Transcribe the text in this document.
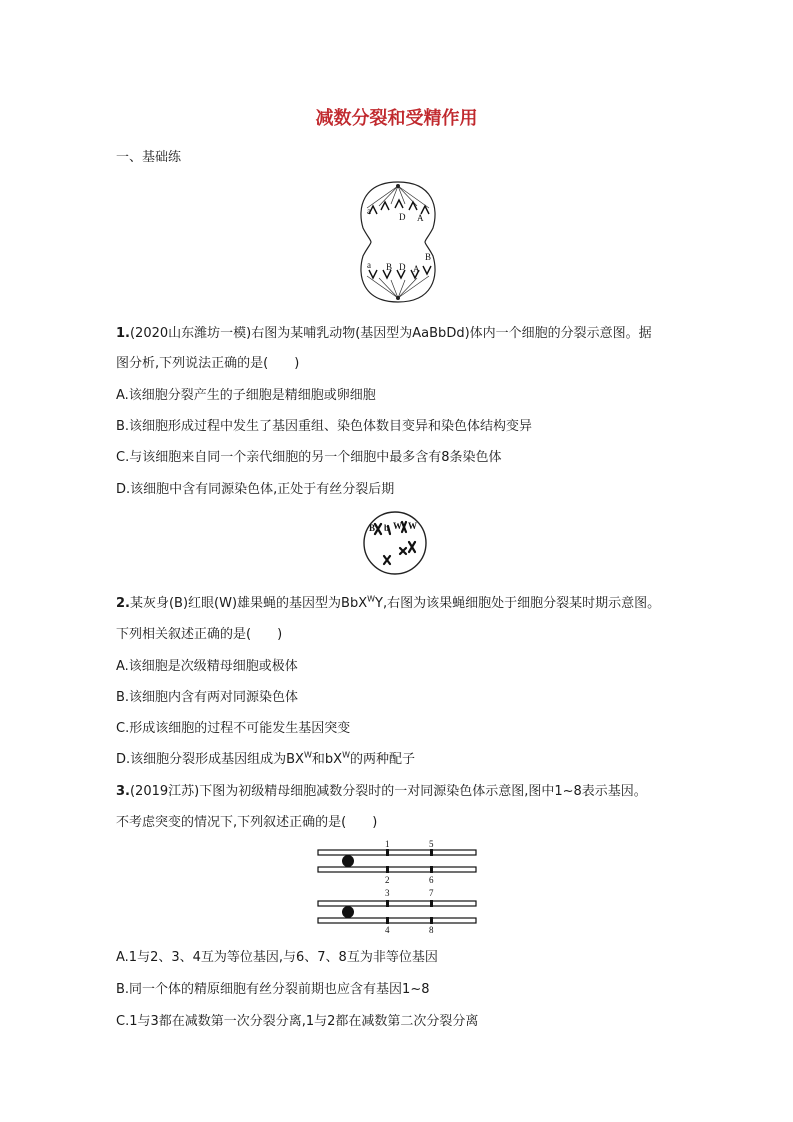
减数分裂和受精作用
一、基础练
a
D A
a B D A
B
1.(2020山东潍坊一模)右图为某哺乳动物(基因型为AaBbDd)体内一个细胞的分裂示意图。据
图分析,下列说法正确的是(　　)
A.该细胞分裂产生的子细胞是精细胞或卵细胞
B.该细胞形成过程中发生了基因重组、染色体数目变异和染色体结构变异
C.与该细胞来自同一个亲代细胞的另一个细胞中最多含有8条染色体
D.该细胞中含有同源染色体,正处于有丝分裂后期
B b W W
2.某灰身(B)红眼(W)雄果蝇的基因型为BbX$^W$Y,右图为该果蝇细胞处于细胞分裂某时期示意图。
下列相关叙述正确的是(　　)
A.该细胞是次级精母细胞或极体
B.该细胞内含有两对同源染色体
C.形成该细胞的过程不可能发生基因突变
D.该细胞分裂形成基因组成为$BX^W$和$bX^W$的两种配子
3.(2019江苏)下图为初级精母细胞减数分裂时的一对同源染色体示意图,图中1~8表示基因。
不考虑突变的情况下,下列叙述正确的是(　　)
1	5
2	6
3	7
4	8
A.1与2、3、4互为等位基因,与6、7、8互为非等位基因
B.同一个体的精原细胞有丝分裂前期也应含有基因1~8
C.1与3都在减数第一次分裂分离,1与2都在减数第二次分裂分离
